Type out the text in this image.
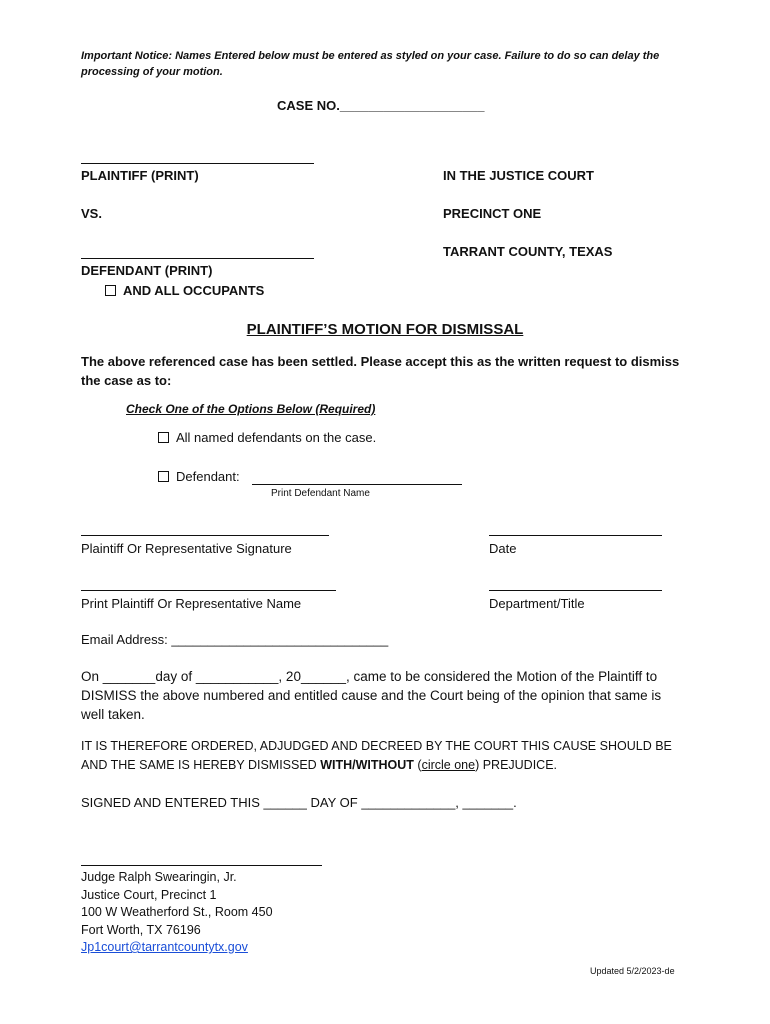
Important Notice: Names Entered below must be entered as styled on your case. Failure to do so can delay the processing of your motion.
CASE NO.____________________
PLAINTIFF (PRINT)
VS.
DEFENDANT (PRINT)
AND ALL OCCUPANTS
IN THE JUSTICE COURT
PRECINCT ONE
TARRANT COUNTY, TEXAS
PLAINTIFF’S MOTION FOR DISMISSAL
The above referenced case has been settled. Please accept this as the written request to dismiss the case as to:
Check One of the Options Below (Required)
All named defendants on the case.
Defendant:
Print Defendant Name
Plaintiff Or Representative Signature	Date
Print Plaintiff Or Representative Name	Department/Title
Email Address: ______________________________
On _______day of ___________, 20______, came to be considered the Motion of the Plaintiff to DISMISS the above numbered and entitled cause and the Court being of the opinion that same is well taken.
IT IS THEREFORE ORDERED, ADJUDGED AND DECREED BY THE COURT THIS CAUSE SHOULD BE AND THE SAME IS HEREBY DISMISSED WITH/WITHOUT (circle one) PREJUDICE.
SIGNED AND ENTERED THIS ______ DAY OF _____________, _______.
Judge Ralph Swearingin, Jr.
Justice Court, Precinct 1
100 W Weatherford St., Room 450
Fort Worth, TX 76196
Jp1court@tarrantcountytx.gov
Updated 5/2/2023-de
